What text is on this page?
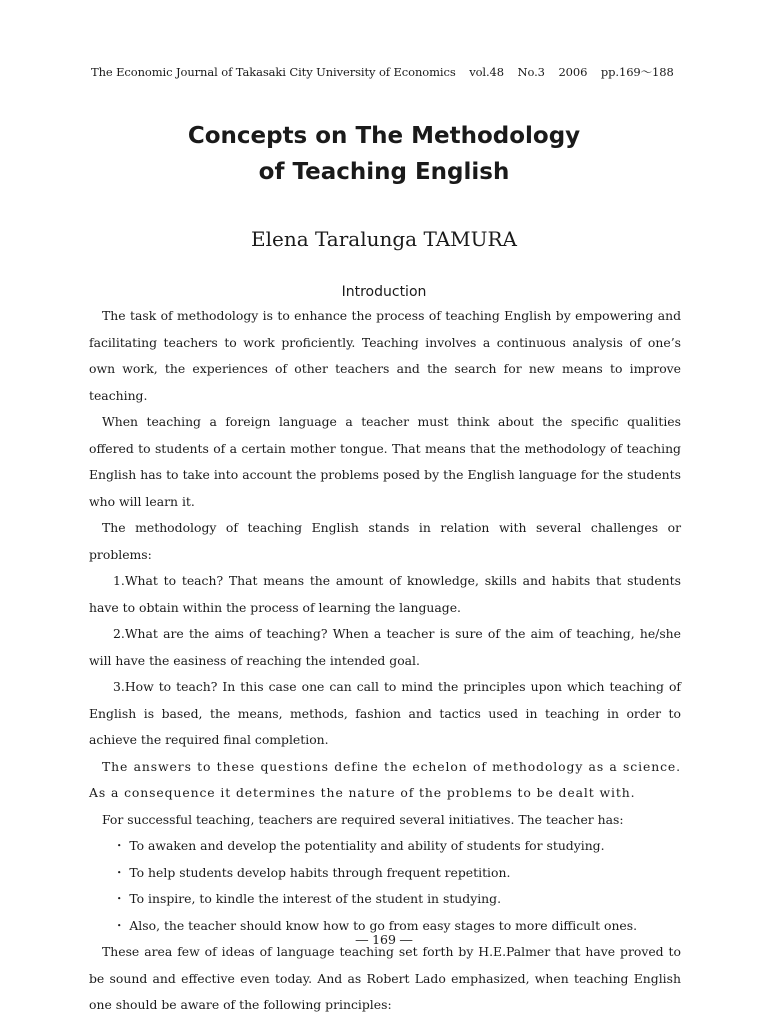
The Economic Journal of Takasaki City University of Economics vol.48 No.3 2006 pp.169～188
Concepts on The Methodology
of Teaching English
Elena Taralunga TAMURA
Introduction

The task of methodology is to enhance the process of teaching English by empowering and facilitating teachers to work proficiently. Teaching involves a continuous analysis of one’s own work, the experiences of other teachers and the search for new means to improve teaching.

When teaching a foreign language a teacher must think about the specific qualities　offered to students of a certain mother tongue. That means that the methodology of teaching English has to take into account the problems posed by the English language for the students who will learn it.

The methodology of teaching English stands in relation with several challenges or problems:

1.What to teach? That means the amount of knowledge, skills and habits that students have to obtain within the process of learning the language.

2.What are the aims of teaching? When a teacher is sure of the aim of teaching, he/she will have the easiness of reaching the intended goal.

3.How to teach? In this case one can call to mind the principles upon which teaching of English is based, the means, methods, fashion and tactics used in teaching in order to achieve the required final completion.

The answers to these questions define the echelon of methodology as a science. As a consequence it determines the nature of the problems to be dealt with.

For successful teaching, teachers are required several initiatives. The teacher has:

・ To awaken and develop the potentiality and ability of students for studying.

・ To help students develop habits through frequent repetition.

・ To inspire, to kindle the interest of the student in studying.

・ Also, the teacher should know how to go from easy stages to more difficult ones.

These area few of ideas of language teaching set forth by H.E.Palmer that have proved to be sound and effective even today. And as Robert Lado emphasized, when teaching English one should be aware of the following principles:

― 169 ―
